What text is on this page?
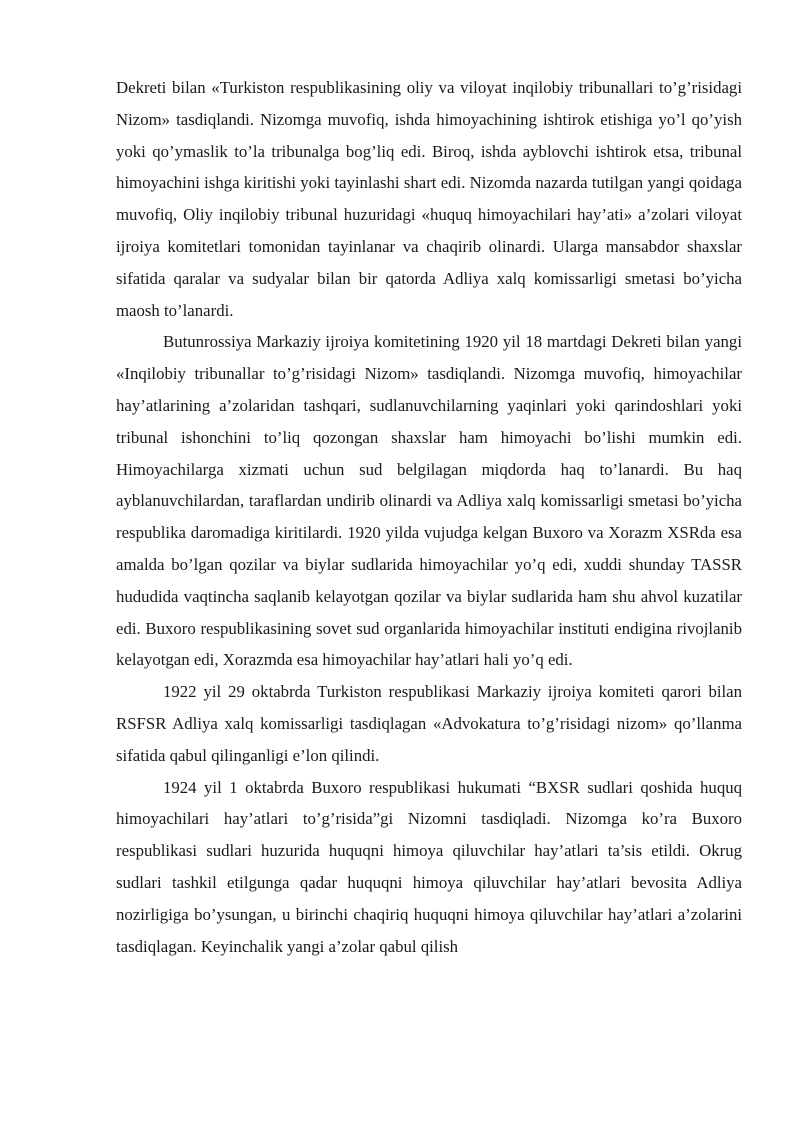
Dekreti bilan «Turkiston respublikasining oliy va viloyat inqilobiy tribunallari to’g’risidagi Nizom» tasdiqlandi. Nizomga muvofiq, ishda himoyachining ishtirok etishiga yo’l qo’yish yoki qo’ymaslik to’la tribunalga bog’liq edi. Biroq, ishda ayblovchi ishtirok etsa, tribunal himoyachini ishga kiritishi yoki tayinlashi shart edi. Nizomda nazarda tutilgan yangi qoidaga muvofiq, Oliy inqilobiy tribunal huzuridagi «huquq himoyachilari hay’ati» a’zolari viloyat ijroiya komitetlari tomonidan tayinlanar va chaqirib olinardi. Ularga mansabdor shaxslar sifatida qaralar va sudyalar bilan bir qatorda Adliya xalq komissarligi smetasi bo’yicha maosh to’lanardi.

Butunrossiya Markaziy ijroiya komitetining 1920 yil 18 martdagi Dekreti bilan yangi «Inqilobiy tribunallar to’g’risidagi Nizom» tasdiqlandi. Nizomga muvofiq, himoyachilar hay’atlarining a’zolaridan tashqari, sudlanuvchilarning yaqinlari yoki qarindoshlari yoki tribunal ishonchini to’liq qozongan shaxslar ham himoyachi bo’lishi mumkin edi. Himoyachilarga xizmati uchun sud belgilagan miqdorda haq to’lanardi. Bu haq ayblanuvchilardan, taraflardan undirib olinardi va Adliya xalq komissarligi smetasi bo’yicha respublika daromadiga kiritilardi. 1920 yilda vujudga kelgan Buxoro va Xorazm XSRda esa amalda bo’lgan qozilar va biylar sudlarida himoyachilar yo’q edi, xuddi shunday TASSR hududida vaqtincha saqlanib kelayotgan qozilar va biylar sudlarida ham shu ahvol kuzatilar edi. Buxoro respublikasining sovet sud organlarida himoyachilar instituti endigina rivojlanib kelayotgan edi, Xorazmda esa himoyachilar hay’atlari hali yo’q edi.

1922 yil 29 oktabrda Turkiston respublikasi Markaziy ijroiya komiteti qarori bilan RSFSR Adliya xalq komissarligi tasdiqlagan «Advokatura to’g’risidagi nizom» qo’llanma sifatida qabul qilinganligi e’lon qilindi.

1924 yil 1 oktabrda Buxoro respublikasi hukumati “BXSR sudlari qoshida huquq himoyachilari hay’atlari to’g’risida”gi Nizomni tasdiqladi. Nizomga ko’ra Buxoro respublikasi sudlari huzurida huquqni himoya qiluvchilar hay’atlari ta’sis etildi. Okrug sudlari tashkil etilgunga qadar huquqni himoya qiluvchilar hay’atlari bevosita Adliya nozirligiga bo’ysungan, u birinchi chaqiriq huquqni himoya qiluvchilar hay’atlari a’zolarini tasdiqlagan. Keyinchalik yangi a’zolar qabul qilish
